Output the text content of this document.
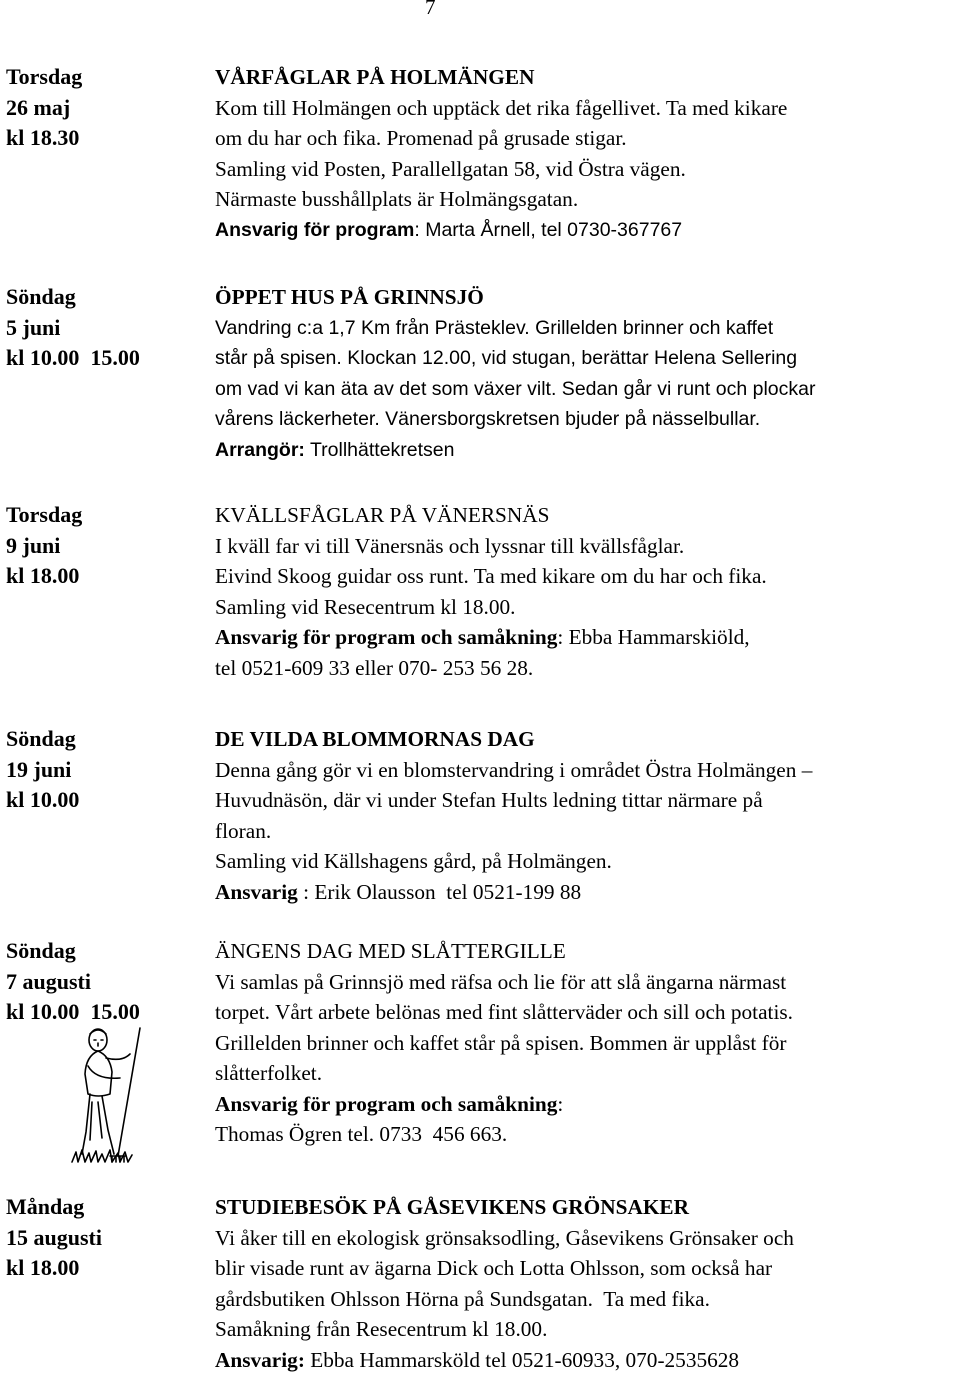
7
Torsdag
26 maj
kl 18.30
VÅRFÅGLAR PÅ HOLMÄNGEN
Kom till Holmängen och upptäck det rika fågellivet. Ta med kikare
om du har och fika. Promenad på grusade stigar.
Samling vid Posten, Parallellgatan 58, vid Östra vägen.
Närmaste busshållplats är Holmängsgatan.
Ansvarig för program: Marta Årnell, tel 0730-367767
Söndag
5 juni
kl 10.00  15.00
ÖPPET HUS PÅ GRINNSJÖ
Vandring c:a 1,7 Km från Prästeklev. Grillelden brinner och kaffet
står på spisen. Klockan 12.00, vid stugan, berättar Helena Sellering
om vad vi kan äta av det som växer vilt. Sedan går vi runt och plockar
vårens läckerheter. Vänersborgskretsen bjuder på nässelbullar.
Arrangör: Trollhättekretsen
Torsdag
9 juni
kl 18.00
KVÄLLSFÅGLAR PÅ VÄNERSNÄS
I kväll far vi till Vänersnäs och lyssnar till kvällsfåglar.
Eivind Skoog guidar oss runt. Ta med kikare om du har och fika.
Samling vid Resecentrum kl 18.00.
Ansvarig för program och samåkning: Ebba Hammarskiöld,
tel 0521-609 33 eller 070- 253 56 28.
Söndag
19 juni
kl 10.00
DE VILDA BLOMMORNAS DAG
Denna gång gör vi en blomstervandring i området Östra Holmängen –
Huvudnäsön, där vi under Stefan Hults ledning tittar närmare på
floran.
Samling vid Källshagens gård, på Holmängen.
Ansvarig : Erik Olausson  tel 0521-199 88
Söndag
7 augusti
kl 10.00  15.00
ÄNGENS DAG MED SLÅTTERGILLE
Vi samlas på Grinnsjö med räfsa och lie för att slå ängarna närmast
torpet. Vårt arbete belönas med fint slåtterväder och sill och potatis.
Grillelden brinner och kaffet står på spisen. Bommen är upplåst för
slåtterfolket.
Ansvarig för program och samåkning:
Thomas Ögren tel. 0733  456 663.
Måndag
15 augusti
kl 18.00
STUDIEBESÖK PÅ GÅSEVIKENS GRÖNSAKER
Vi åker till en ekologisk grönsaksodling, Gåsevikens Grönsaker och
blir visade runt av ägarna Dick och Lotta Ohlsson, som också har
gårdsbutiken Ohlsson Hörna på Sundsgatan.  Ta med fika.
Samåkning från Resecentrum kl 18.00.
Ansvarig: Ebba Hammarsköld tel 0521-60933, 070-2535628
